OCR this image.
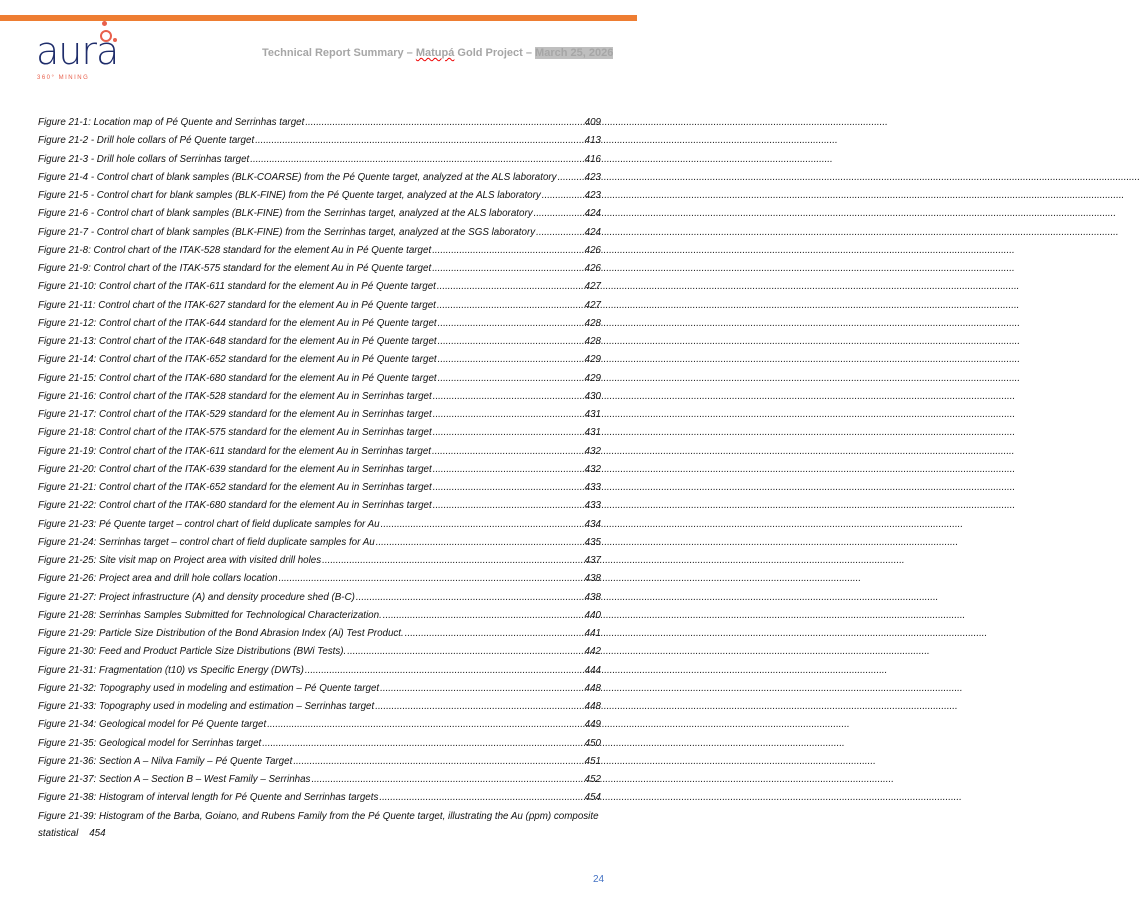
aura
360° MINING
Technical Report Summary – Matupá Gold Project – March 25, 2026
Figure 21-1: Location map of Pé Quente and Serrinhas target .....	409
Figure 21-2 - Drill hole collars of Pé Quente target .....	413
Figure 21-3 - Drill hole collars of Serrinhas target .....	416
Figure 21-4 - Control chart of blank samples (BLK-COARSE) from the Pé Quente target, analyzed at the ALS laboratory .....	423
Figure 21-5 - Control chart for blank samples (BLK-FINE) from the Pé Quente target, analyzed at the ALS laboratory .....	423
Figure 21-6 - Control chart of blank samples (BLK-FINE) from the Serrinhas target, analyzed at the ALS laboratory .....	424
Figure 21-7 - Control chart of blank samples (BLK-FINE) from the Serrinhas target, analyzed at the SGS laboratory .....	424
Figure 21-8: Control chart of the ITAK-528 standard for the element Au in Pé Quente target .....	426
Figure 21-9: Control chart of the ITAK-575 standard for the element Au in Pé Quente target .....	426
Figure 21-10: Control chart of the ITAK-611 standard for the element Au in Pé Quente target .....	427
Figure 21-11: Control chart of the ITAK-627 standard for the element Au in Pé Quente target .....	427
Figure 21-12: Control chart of the ITAK-644 standard for the element Au in Pé Quente target .....	428
Figure 21-13: Control chart of the ITAK-648 standard for the element Au in Pé Quente target .....	428
Figure 21-14: Control chart of the ITAK-652 standard for the element Au in Pé Quente target .....	429
Figure 21-15: Control chart of the ITAK-680 standard for the element Au in Pé Quente target .....	429
Figure 21-16: Control chart of the ITAK-528 standard for the element Au in Serrinhas target .....	430
Figure 21-17: Control chart of the ITAK-529 standard for the element Au in Serrinhas target .....	431
Figure 21-18: Control chart of the ITAK-575 standard for the element Au in Serrinhas target .....	431
Figure 21-19: Control chart of the ITAK-611 standard for the element Au in Serrinhas target .....	432
Figure 21-20: Control chart of the ITAK-639 standard for the element Au in Serrinhas target .....	432
Figure 21-21: Control chart of the ITAK-652 standard for the element Au in Serrinhas target .....	433
Figure 21-22: Control chart of the ITAK-680 standard for the element Au in Serrinhas target .....	433
Figure 21-23: Pé Quente target – control chart of field duplicate samples for Au .....	434
Figure 21-24: Serrinhas target – control chart of field duplicate samples for Au .....	435
Figure 21-25: Site visit map on Project area with visited drill holes .....	437
Figure 21-26: Project area and drill hole collars location .....	438
Figure 21-27: Project infrastructure (A) and density procedure shed (B-C) .....	438
Figure 21-28: Serrinhas Samples Submitted for Technological Characterization. .....	440
Figure 21-29: Particle Size Distribution of the Bond Abrasion Index (Ai) Test Product. .....	441
Figure 21-30: Feed and Product Particle Size Distributions (BWi Tests). .....	442
Figure 21-31: Fragmentation (t10) vs Specific Energy (DWTs) .....	444
Figure 21-32: Topography used in modeling and estimation – Pé Quente target .....	448
Figure 21-33: Topography used in modeling and estimation – Serrinhas target .....	448
Figure 21-34: Geological model for Pé Quente target .....	449
Figure 21-35: Geological model for Serrinhas target .....	450
Figure 21-36: Section A – Nilva Family – Pé Quente Target .....	451
Figure 21-37: Section A – Section B – West Family – Serrinhas .....	452
Figure 21-38: Histogram of interval length for Pé Quente and Serrinhas targets .....	454
Figure 21-39: Histogram of the Barba, Goiano, and Rubens Family from the Pé Quente target, illustrating the Au (ppm) composite statistical 454
24
